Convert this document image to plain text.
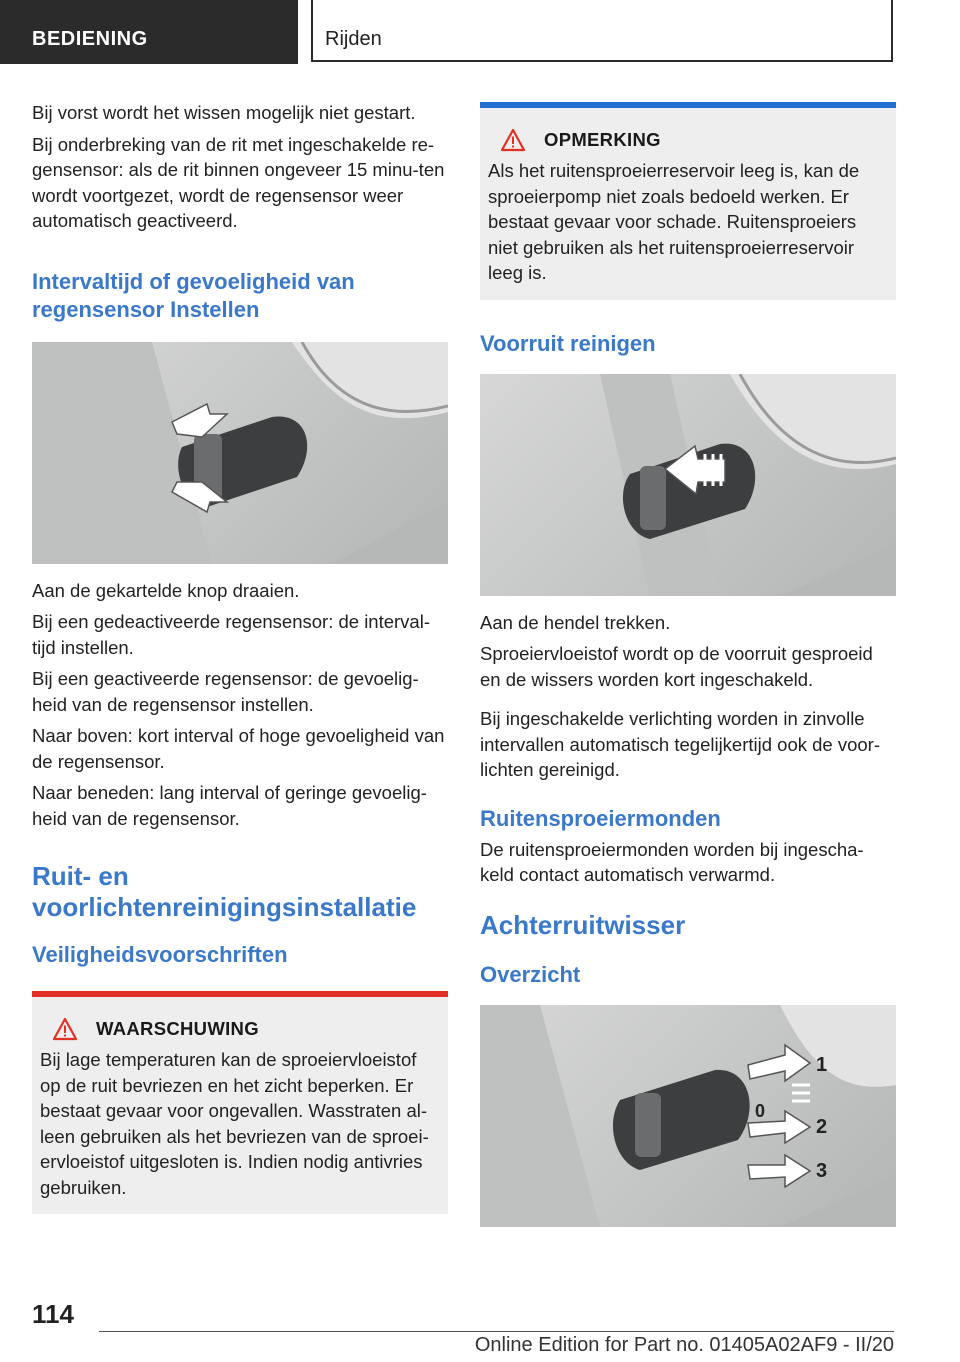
BEDIENING	Rijden

Bij vorst wordt het wissen mogelijk niet gestart.

Bij onderbreking van de rit met ingeschakelde re-gensensor: als de rit binnen ongeveer 15 minu-ten wordt voortgezet, wordt de regensensor weer automatisch geactiveerd.

Intervaltijd of gevoeligheid van regensensor Instellen

Aan de gekartelde knop draaien.

Bij een gedeactiveerde regensensor: de interval-tijd instellen.

Bij een geactiveerde regensensor: de gevoelig-heid van de regensensor instellen.

Naar boven: kort interval of hoge gevoeligheid van de regensensor.

Naar beneden: lang interval of geringe gevoelig-heid van de regensensor.

Ruit- en voorlichtenreinigingsinstallatie
Veiligheidsvoorschriften
WAARSCHUWING

Bij lage temperaturen kan de sproeiervloeistof op de ruit bevriezen en het zicht beperken. Er bestaat gevaar voor ongevallen. Wasstraten al-leen gebruiken als het bevriezen van de sproei-ervloeistof uitgesloten is. Indien nodig antivries gebruiken.

OPMERKING

Als het ruitensproeierreservoir leeg is, kan de sproeierpomp niet zoals bedoeld werken. Er bestaat gevaar voor schade. Ruitensproeiers niet gebruiken als het ruitensproeierreservoir leeg is.

Voorruit reinigen

Aan de hendel trekken.

Sproeiervloeistof wordt op de voorruit gesproeid en de wissers worden kort ingeschakeld.

Bij ingeschakelde verlichting worden in zinvolle intervallen automatisch tegelijkertijd ook de voor-lichten gereinigd.

Ruitensproeiermonden

De ruitensproeiermonden worden bij ingescha-keld contact automatisch verwarmd.

Achterruitwisser
Overzicht
1
0
2
3
114
Online Edition for Part no. 01405A02AF9 - II/20
